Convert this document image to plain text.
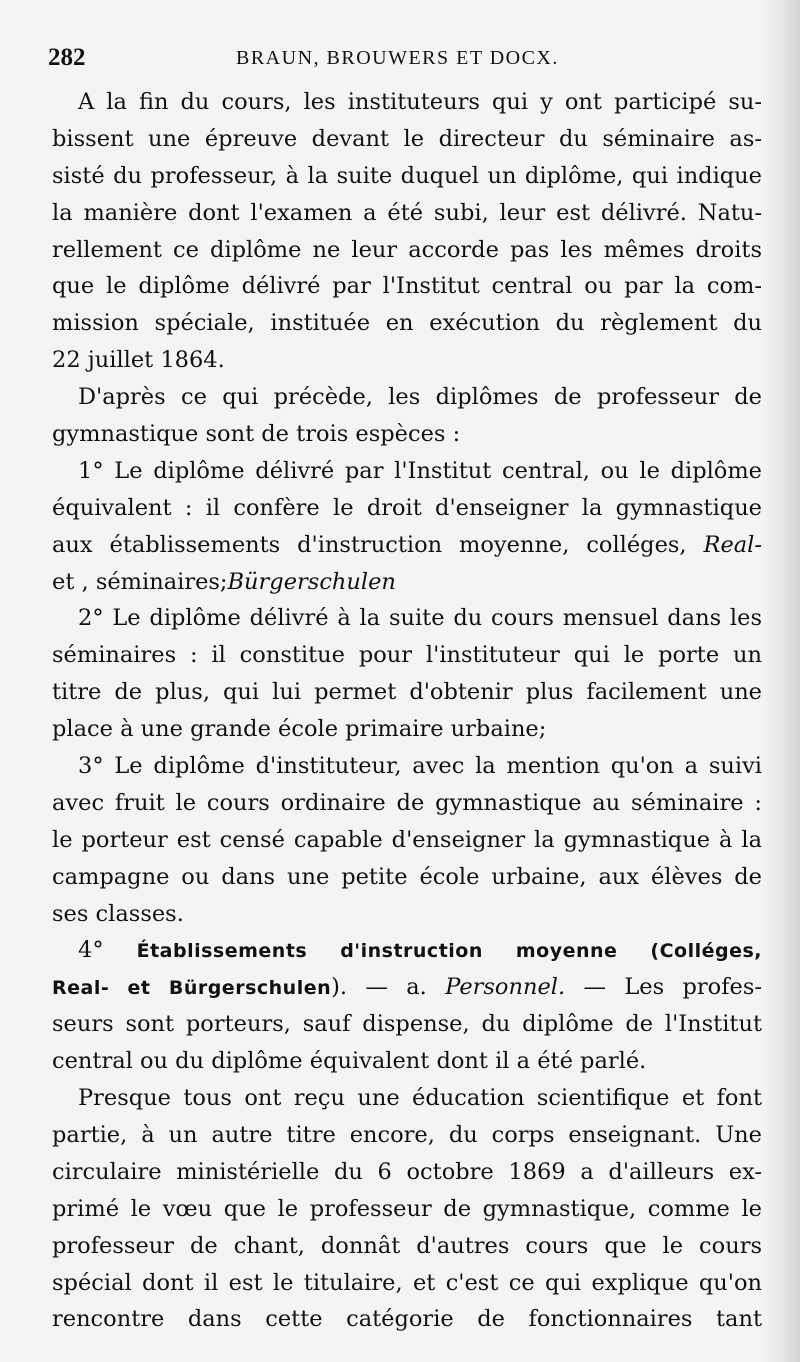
282	BRAUN, BROUWERS ET DOCX.
A la fin du cours, les instituteurs qui y ont participé su-
bissent une épreuve devant le directeur du séminaire as-
sisté du professeur, à la suite duquel un diplôme, qui indique
la manière dont l'examen a été subi, leur est délivré. Natu-
rellement ce diplôme ne leur accorde pas les mêmes droits
que le diplôme délivré par l'Institut central ou par la com-
mission spéciale, instituée en exécution du règlement du
22 juillet 1864.
D'après ce qui précède, les diplômes de professeur de
gymnastique sont de trois espèces :
1° Le diplôme délivré par l'Institut central, ou le diplôme
équivalent : il confère le droit d'enseigner la gymnastique
aux établissements d'instruction moyenne, colléges, Real-
et , séminaires;Bürgerschulen
2° Le diplôme délivré à la suite du cours mensuel dans les
séminaires : il constitue pour l'instituteur qui le porte un
titre de plus, qui lui permet d'obtenir plus facilement une
place à une grande école primaire urbaine;
3° Le diplôme d'instituteur, avec la mention qu'on a suivi
avec fruit le cours ordinaire de gymnastique au séminaire :
le porteur est censé capable d'enseigner la gymnastique à la
campagne ou dans une petite école urbaine, aux élèves de
ses classes.
4° Établissements d'instruction moyenne (Colléges,
Real- et Bürgerschulen). — a. Personnel. — Les profes-
seurs sont porteurs, sauf dispense, du diplôme de l'Institut
central ou du diplôme équivalent dont il a été parlé.
Presque tous ont reçu une éducation scientifique et font
partie, à un autre titre encore, du corps enseignant. Une
circulaire ministérielle du 6 octobre 1869 a d'ailleurs ex-
primé le vœu que le professeur de gymnastique, comme le
professeur de chant, donnât d'autres cours que le cours
spécial dont il est le titulaire, et c'est ce qui explique qu'on
rencontre dans cette catégorie de fonctionnaires tant
